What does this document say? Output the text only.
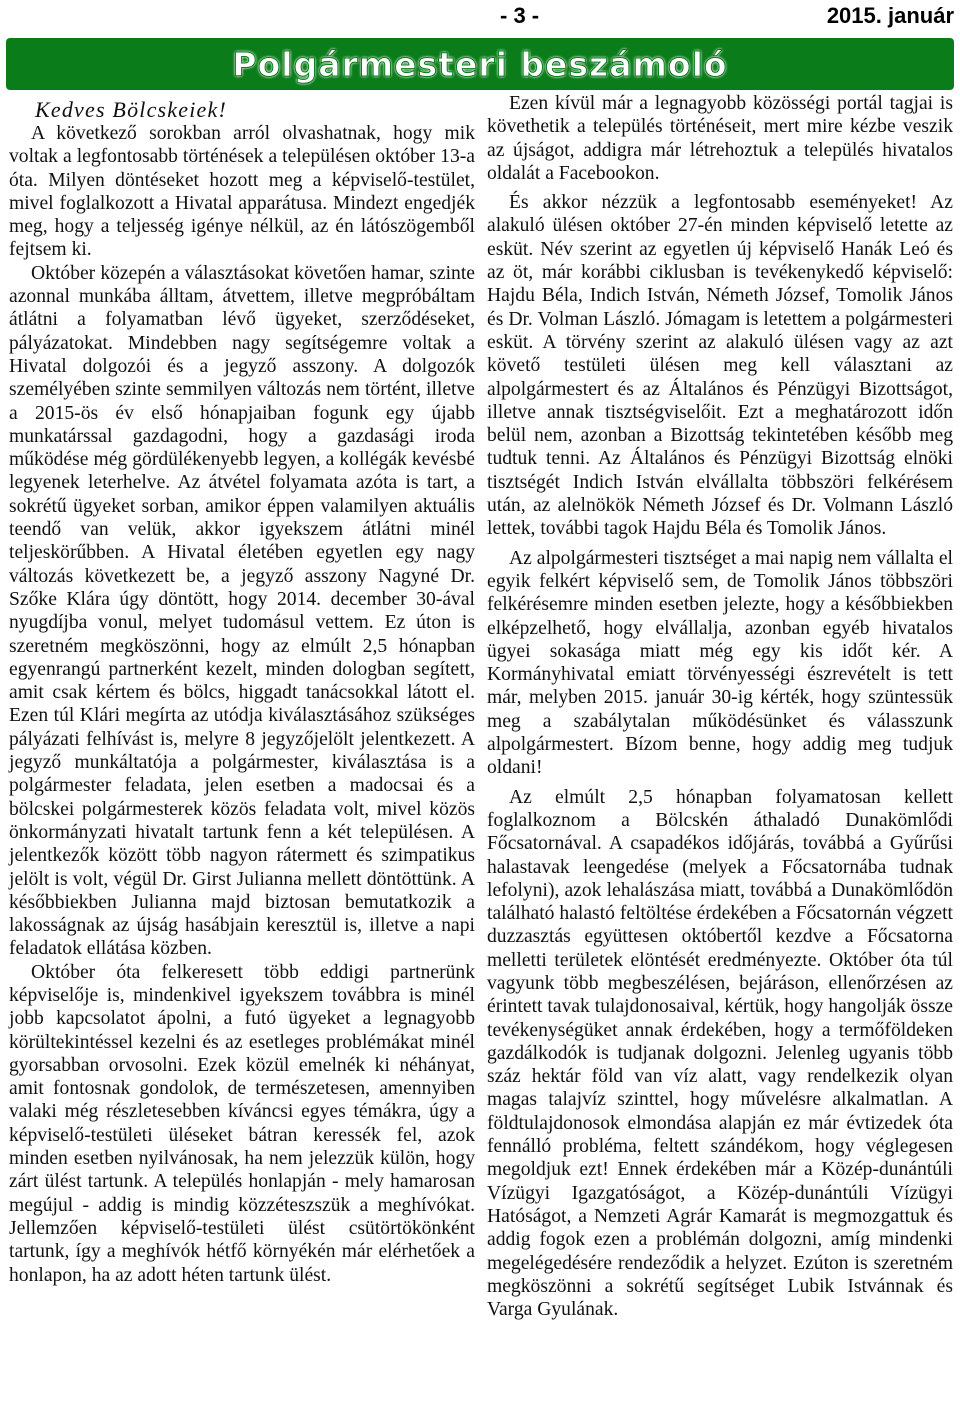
- 3 -	2015. január
Polgármesteri beszámoló
Kedves Bölcskeiek!

A következő sorokban arról olvashatnak, hogy mik voltak a legfontosabb történések a településen október 13-a óta. Milyen döntéseket hozott meg a képviselő-testület, mivel foglalkozott a Hivatal apparátusa. Mindezt engedjék meg, hogy a teljesség igénye nélkül, az én látószögemből fejtsem ki.

Október közepén a választásokat követően hamar, szinte azonnal munkába álltam, átvettem, illetve megpróbáltam átlátni a folyamatban lévő ügyeket, szerződéseket, pályázatokat. Mindebben nagy segítségemre voltak a Hivatal dolgozói és a jegyző asszony. A dolgozók személyében szinte semmilyen változás nem történt, illetve a 2015-ös év első hónapjaiban fogunk egy újabb munkatárssal gazdagodni, hogy a gazdasági iroda működése még gördülékenyebb legyen, a kollégák kevésbé legyenek leterhelve. Az átvétel folyamata azóta is tart, a sokrétű ügyeket sorban, amikor éppen valamilyen aktuális teendő van velük, akkor igyekszem átlátni minél teljeskörűbben. A Hivatal életében egyetlen egy nagy változás következett be, a jegyző asszony Nagyné Dr. Szőke Klára úgy döntött, hogy 2014. december 30-ával nyugdíjba vonul, melyet tudomásul vettem. Ez úton is szeretném megköszönni, hogy az elmúlt 2,5 hónapban egyenrangú partnerként kezelt, minden dologban segített, amit csak kértem és bölcs, higgadt tanácsokkal látott el. Ezen túl Klári megírta az utódja kiválasztásához szükséges pályázati felhívást is, melyre 8 jegyzőjelölt jelentkezett. A jegyző munkáltatója a polgármester, kiválasztása is a polgármester feladata, jelen esetben a madocsai és a bölcskei polgármesterek közös feladata volt, mivel közös önkormányzati hivatalt tartunk fenn a két településen. A jelentkezők között több nagyon rátermett és szimpatikus jelölt is volt, végül Dr. Girst Julianna mellett döntöttünk. A későbbiekben Julianna majd biztosan bemutatkozik a lakosságnak az újság hasábjain keresztül is, illetve a napi feladatok ellátása közben.

Október óta felkeresett több eddigi partnerünk képviselője is, mindenkivel igyekszem továbbra is minél jobb kapcsolatot ápolni, a futó ügyeket a legnagyobb körültekintéssel kezelni és az esetleges problémákat minél gyorsabban orvosolni. Ezek közül emelnék ki néhányat, amit fontosnak gondolok, de természetesen, amennyiben valaki még részletesebben kíváncsi egyes témákra, úgy a képviselő-testületi üléseket bátran keressék fel, azok minden esetben nyilvánosak, ha nem jelezzük külön, hogy zárt ülést tartunk. A település honlapján - mely hamarosan megújul - addig is mindig közzéteszszük a meghívókat. Jellemzően képviselő-testületi ülést csütörtökönként tartunk, így a meghívók hétfő környékén már elérhetőek a honlapon, ha az adott héten tartunk ülést.

Ezen kívül már a legnagyobb közösségi portál tagjai is követhetik a település történéseit, mert mire kézbe veszik az újságot, addigra már létrehoztuk a település hivatalos oldalát a Facebookon.

És akkor nézzük a legfontosabb eseményeket! Az alakuló ülésen október 27-én minden képviselő letette az esküt. Név szerint az egyetlen új képviselő Hanák Leó és az öt, már korábbi ciklusban is tevékenykedő képviselő: Hajdu Béla, Indich István, Németh József, Tomolik János és Dr. Volman László. Jómagam is letettem a polgármesteri esküt. A törvény szerint az alakuló ülésen vagy az azt követő testületi ülésen meg kell választani az alpolgármestert és az Általános és Pénzügyi Bizottságot, illetve annak tisztségviselőit. Ezt a meghatározott időn belül nem, azonban a Bizottság tekintetében később meg tudtuk tenni. Az Általános és Pénzügyi Bizottság elnöki tisztségét Indich István elvállalta többszöri felkérésem után, az alelnökök Németh József és Dr. Volmann László lettek, további tagok Hajdu Béla és Tomolik János.

Az alpolgármesteri tisztséget a mai napig nem vállalta el egyik felkért képviselő sem, de Tomolik János többszöri felkérésemre minden esetben jelezte, hogy a későbbiekben elképzelhető, hogy elvállalja, azonban egyéb hivatalos ügyei sokasága miatt még egy kis időt kér. A Kormányhivatal emiatt törvényességi észrevételt is tett már, melyben 2015. január 30-ig kérték, hogy szüntessük meg a szabálytalan működésünket és válasszunk alpolgármestert. Bízom benne, hogy addig meg tudjuk oldani!

Az elmúlt 2,5 hónapban folyamatosan kellett foglalkoznom a Bölcskén áthaladó Dunakömlődi Főcsatornával. A csapadékos időjárás, továbbá a Gyűrűsi halastavak leengedése (melyek a Főcsatornába tudnak lefolyni), azok lehalászása miatt, továbbá a Dunakömlődön található halastó feltöltése érdekében a Főcsatornán végzett duzzasztás együttesen októbertől kezdve a Főcsatorna melletti területek elöntését eredményezte. Október óta túl vagyunk több megbeszélésen, bejáráson, ellenőrzésen az érintett tavak tulajdonosaival, kértük, hogy hangolják össze tevékenységüket annak érdekében, hogy a termőföldeken gazdálkodók is tudjanak dolgozni. Jelenleg ugyanis több száz hektár föld van víz alatt, vagy rendelkezik olyan magas talajvíz szinttel, hogy művelésre alkalmatlan. A földtulajdonosok elmondása alapján ez már évtizedek óta fennálló probléma, feltett szándékom, hogy véglegesen megoldjuk ezt! Ennek érdekében már a Közép-dunántúli Vízügyi Igazgatóságot, a Közép-dunántúli Vízügyi Hatóságot, a Nemzeti Agrár Kamarát is megmozgattuk és addig fogok ezen a problémán dolgozni, amíg mindenki megelégedésére rendeződik a helyzet. Ezúton is szeretném megköszönni a sokrétű segítséget Lubik Istvánnak és Varga Gyulának.
